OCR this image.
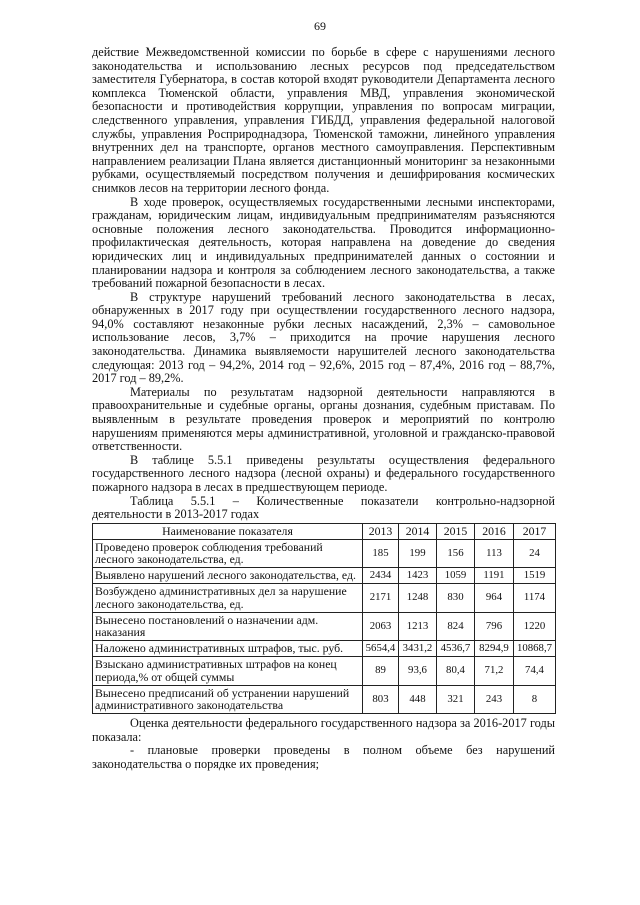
69

действие Межведомственной комиссии по борьбе в сфере с нарушениями лесного законодательства и использованию лесных ресурсов под председательством заместителя Губернатора, в состав которой входят руководители Департамента лесного комплекса Тюменской области, управления МВД, управления экономической безопасности и противодействия коррупции, управления по вопросам миграции, следственного управления, управления ГИБДД, управления федеральной налоговой службы, управления Росприроднадзора, Тюменской таможни, линейного управления внутренних дел на транспорте, органов местного самоуправления. Перспективным направлением реализации Плана является дистанционный мониторинг за незаконными рубками, осуществляемый посредством получения и дешифрирования космических снимков лесов на территории лесного фонда.

В ходе проверок, осуществляемых государственными лесными инспекторами, гражданам, юридическим лицам, индивидуальным предпринимателям разъясняются основные положения лесного законодательства. Проводится информационно-профилактическая деятельность, которая направлена на доведение до сведения юридических лиц и индивидуальных предпринимателей данных о состоянии и планировании надзора и контроля за соблюдением лесного законодательства, а также требований пожарной безопасности в лесах.

В структуре нарушений требований лесного законодательства в лесах, обнаруженных в 2017 году при осуществлении государственного лесного надзора, 94,0% составляют незаконные рубки лесных насаждений, 2,3% – самовольное использование лесов, 3,7% – приходится на прочие нарушения лесного законодательства. Динамика выявляемости нарушителей лесного законодательства следующая: 2013 год – 94,2%, 2014 год – 92,6%, 2015 год – 87,4%, 2016 год – 88,7%, 2017 год – 89,2%.

Материалы по результатам надзорной деятельности направляются в правоохранительные и судебные органы, органы дознания, судебным приставам. По выявленным в результате проведения проверок и мероприятий по контролю нарушениям применяются меры административной, уголовной и гражданско-правовой ответственности.

В таблице 5.5.1 приведены результаты осуществления федерального государственного лесного надзора (лесной охраны) и федерального государственного пожарного надзора в лесах в предшествующем периоде.

Таблица 5.5.1 – Количественные показатели контрольно-надзорной деятельности в 2013-2017 годах

Наименование показателя	2013	2014	2015	2016	2017
Проведено проверок соблюдения требований лесного законодательства, ед.	185	199	156	113	24
Выявлено нарушений лесного законодательства, ед.	2434	1423	1059	1191	1519
Возбуждено административных дел за нарушение лесного законодательства, ед.	2171	1248	830	964	1174
Вынесено постановлений о назначении адм. наказания	2063	1213	824	796	1220
Наложено административных штрафов, тыс. руб.	5654,4	3431,2	4536,7	8294,9	10868,7
Взыскано административных штрафов на конец периода,% от общей суммы	89	93,6	80,4	71,2	74,4
Вынесено предписаний об устранении нарушений административного законодательства	803	448	321	243	8

Оценка деятельности федерального государственного надзора за 2016-2017 годы показала:

- плановые проверки проведены в полном объеме без нарушений законодательства о порядке их проведения;
